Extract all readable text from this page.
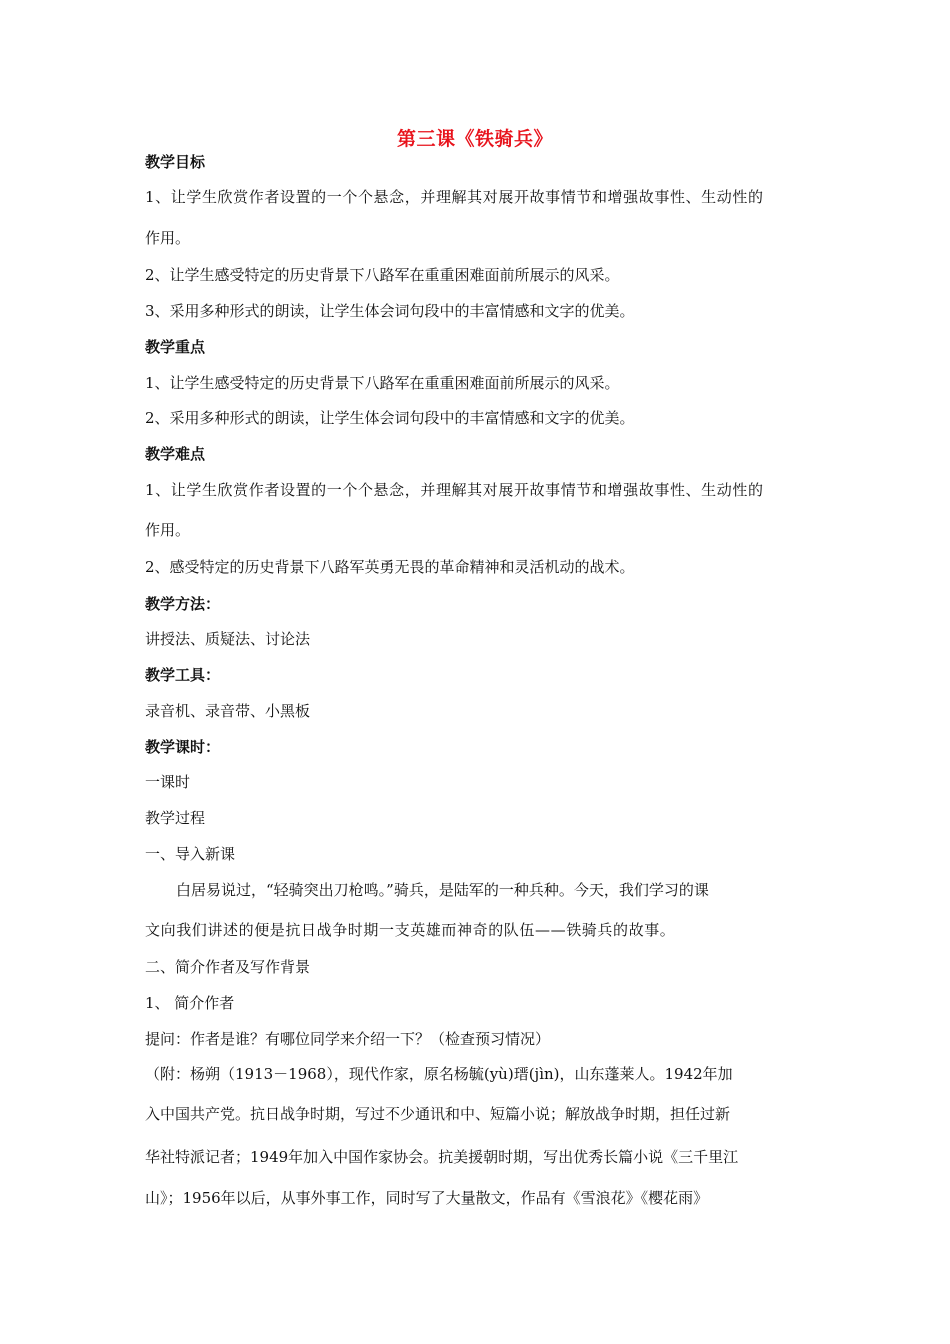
第三课《铁骑兵》
教学目标
1、让学生欣赏作者设置的一个个悬念，并理解其对展开故事情节和增强故事性、生动性的
作用。
2、让学生感受特定的历史背景下八路军在重重困难面前所展示的风采。
3、采用多种形式的朗读，让学生体会词句段中的丰富情感和文字的优美。
教学重点
1、让学生感受特定的历史背景下八路军在重重困难面前所展示的风采。
2、采用多种形式的朗读，让学生体会词句段中的丰富情感和文字的优美。
教学难点
1、让学生欣赏作者设置的一个个悬念，并理解其对展开故事情节和增强故事性、生动性的
作用。
2、感受特定的历史背景下八路军英勇无畏的革命精神和灵活机动的战术。
教学方法：
讲授法、质疑法、讨论法
教学工具：
录音机、录音带、小黑板
教学课时：
一课时
教学过程
一、导入新课
白居易说过，“轻骑突出刀枪鸣。”骑兵，是陆军的一种兵种。今天，我们学习的课
文向我们讲述的便是抗日战争时期一支英雄而神奇的队伍——铁骑兵的故事。
二、简介作者及写作背景
1、 简介作者
提问：作者是谁？有哪位同学来介绍一下？（检查预习情况）
（附：杨朔（1913－1968），现代作家，原名杨毓(yù)瑨(jìn)，山东蓬莱人。1942年加
入中国共产党。抗日战争时期，写过不少通讯和中、短篇小说；解放战争时期，担任过新
华社特派记者；1949年加入中国作家协会。抗美援朝时期，写出优秀长篇小说《三千里江
山》；1956年以后，从事外事工作，同时写了大量散文，作品有《雪浪花》《樱花雨》
